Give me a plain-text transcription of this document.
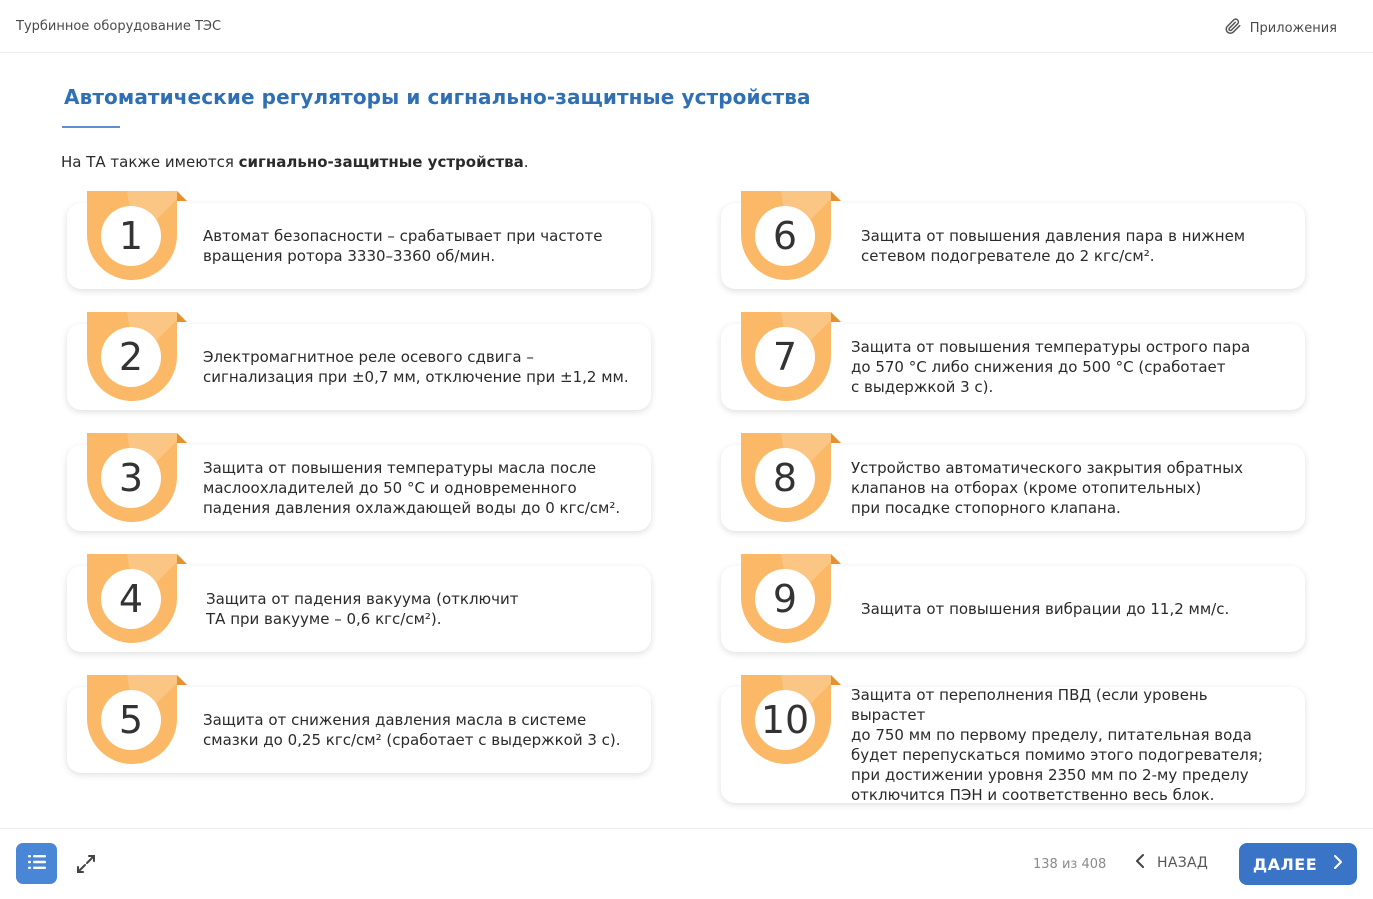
Турбинное оборудование ТЭС	Приложения
Автоматические регуляторы и сигнально-защитные устройства
На ТА также имеются сигнально-защитные устройства.
1	Автомат безопасности – срабатывает при частоте
вращения ротора 3330–3360 об/мин.
2	Электромагнитное реле осевого сдвига –
сигнализация при ±0,7 мм, отключение при ±1,2 мм.
3	Защита от повышения температуры масла после
маслоохладителей до 50 °С и одновременного
падения давления охлаждающей воды до 0 кгс/см².
4	Защита от падения вакуума (отключит
ТА при вакууме – 0,6 кгс/см²).
5	Защита от снижения давления масла в системе
смазки до 0,25 кгс/см² (сработает с выдержкой 3 с).
6	Защита от повышения давления пара в нижнем
сетевом подогревателе до 2 кгс/см².
7	Защита от повышения температуры острого пара
до 570 °С либо снижения до 500 °С (сработает
с выдержкой 3 с).
8	Устройство автоматического закрытия обратных
клапанов на отборах (кроме отопительных)
при посадке стопорного клапана.
9	Защита от повышения вибрации до 11,2 мм/с.
10
Защита от переполнения ПВД (если уровень вырастет
до 750 мм по первому пределу, питательная вода
будет перепускаться помимо этого подогревателя;
при достижении уровня 2350 мм по 2-му пределу
отключится ПЭН и соответственно весь блок.
138 из 408	НАЗАД	ДАЛЕЕ
